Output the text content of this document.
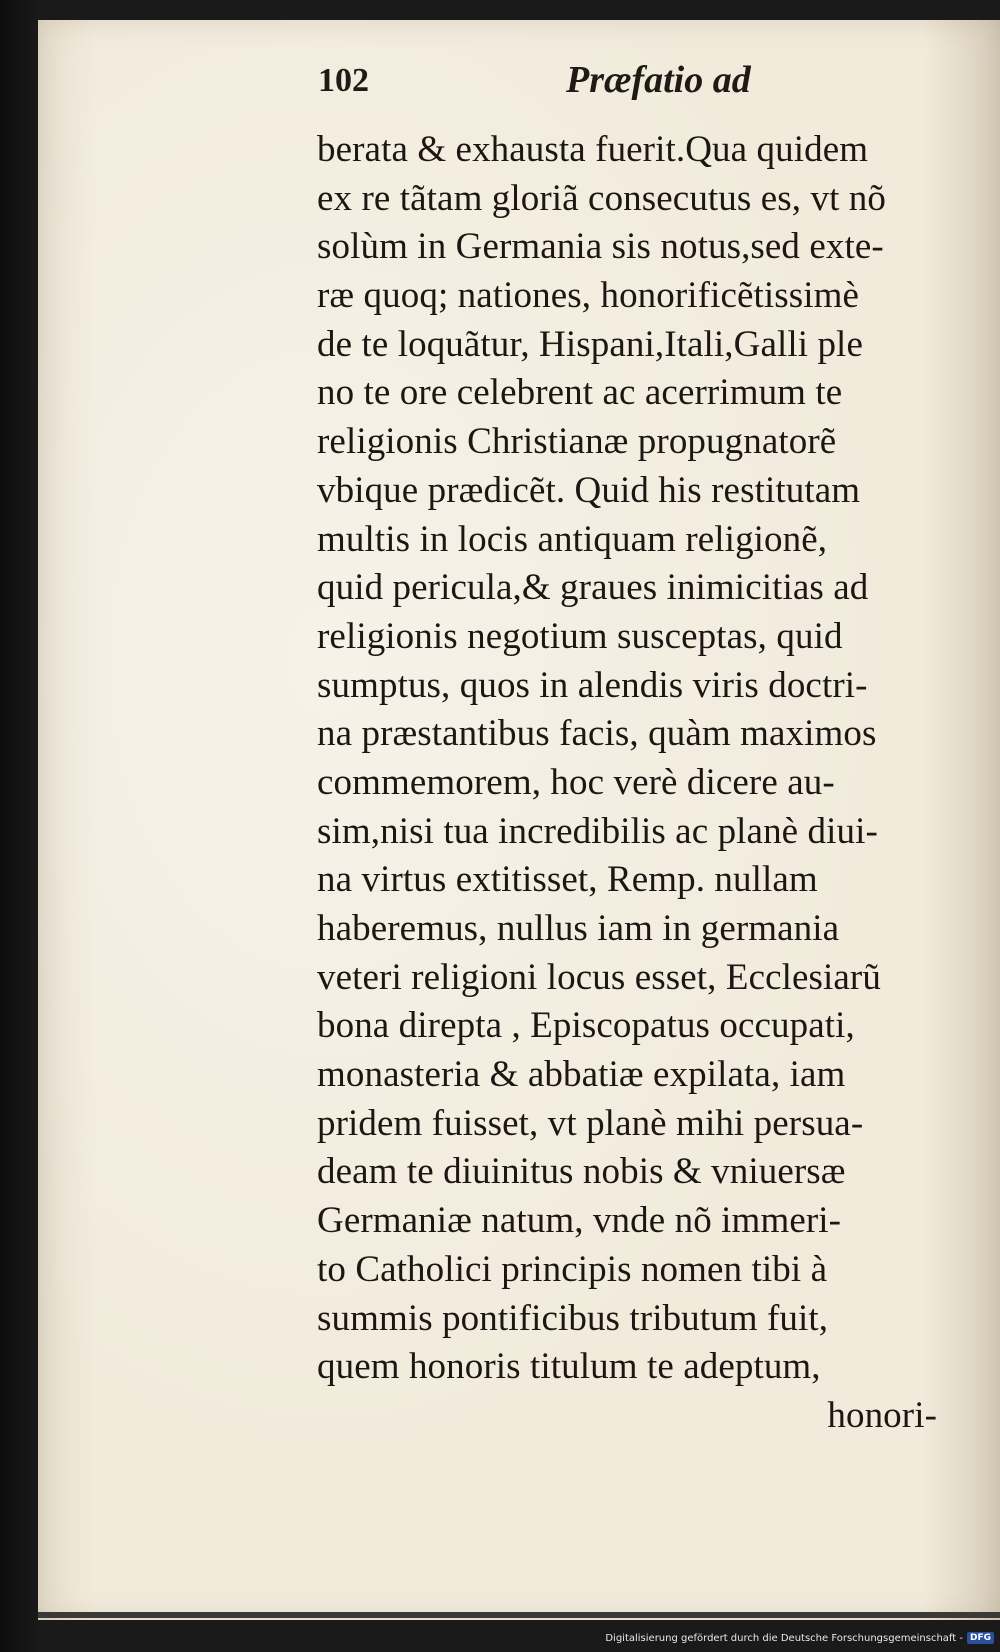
102	Præfatio ad
berata & exhausta fuerit.Qua quidem
ex re tãtam gloriã consecutus es, vt nõ
solùm in Germania sis notus,sed exte-
ræ quoq; nationes, honorificẽtissimè
de te loquãtur, Hispani,Itali,Galli ple
no te ore celebrent ac acerrimum te
religionis Christianæ propugnatorẽ
vbique prædicẽt. Quid his restitutam
multis in locis antiquam religionẽ,
quid pericula,& graues inimicitias ad
religionis negotium susceptas, quid
sumptus, quos in alendis viris doctri-
na præstantibus facis, quàm maximos
commemorem, hoc verè dicere au-
sim,nisi tua incredibilis ac planè diui-
na virtus extitisset, Remp. nullam
haberemus, nullus iam in germania
veteri religioni locus esset, Ecclesiarũ
bona direpta , Episcopatus occupati,
monasteria & abbatiæ expilata, iam
pridem fuisset, vt planè mihi persua-
deam te diuinitus nobis & vniuersæ
Germaniæ natum, vnde nõ immeri-
to Catholici principis nomen tibi à
summis pontificibus tributum fuit,
quem honoris titulum te adeptum,
honori-
Digitalisierung gefördert durch die Deutsche Forschungsgemeinschaft - DFG
